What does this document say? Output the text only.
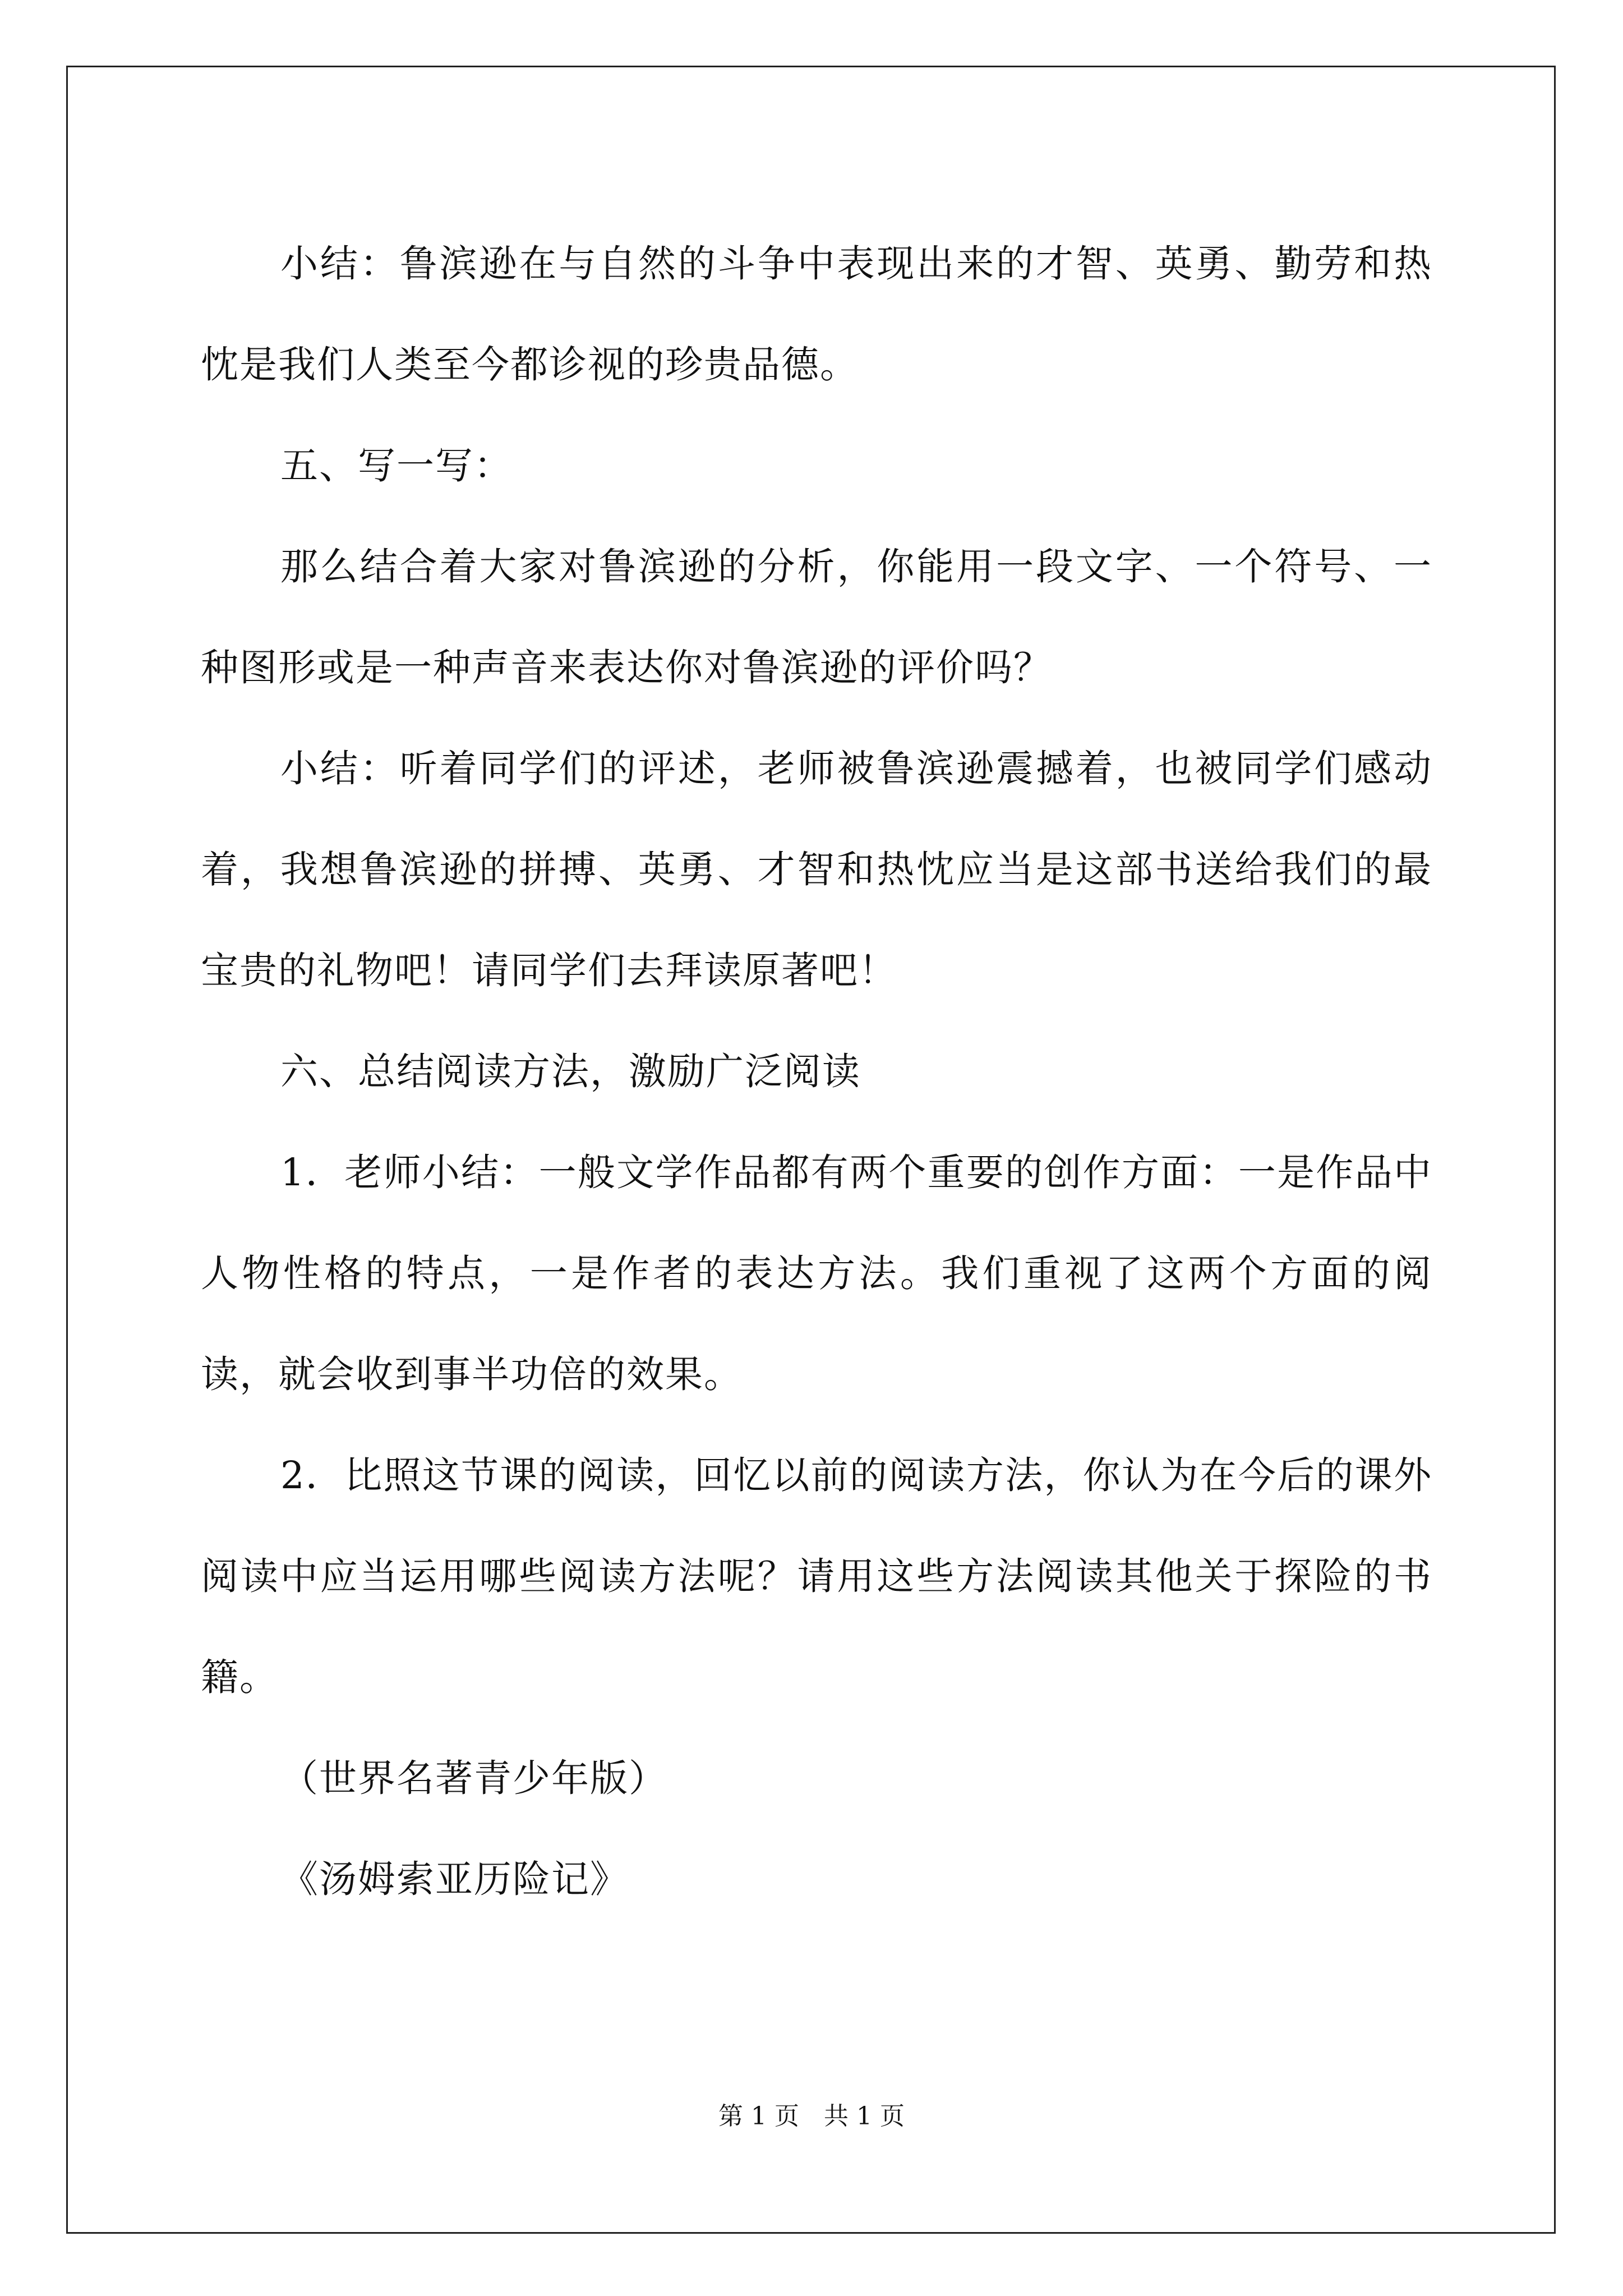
小结：鲁滨逊在与自然的斗争中表现出来的才智、英勇、勤劳和热忱是我们人类至今都诊视的珍贵品德。

五、写一写：

那么结合着大家对鲁滨逊的分析，你能用一段文字、一个符号、一种图形或是一种声音来表达你对鲁滨逊的评价吗？

小结：听着同学们的评述，老师被鲁滨逊震撼着，也被同学们感动着，我想鲁滨逊的拼搏、英勇、才智和热忱应当是这部书送给我们的最宝贵的礼物吧！请同学们去拜读原著吧！

六、总结阅读方法，激励广泛阅读

1．老师小结：一般文学作品都有两个重要的创作方面：一是作品中人物性格的特点，一是作者的表达方法。我们重视了这两个方面的阅读，就会收到事半功倍的效果。

2．比照这节课的阅读，回忆以前的阅读方法，你认为在今后的课外阅读中应当运用哪些阅读方法呢？请用这些方法阅读其他关于探险的书籍。

（世界名著青少年版）

《汤姆索亚历险记》

第 1 页　共 1 页
